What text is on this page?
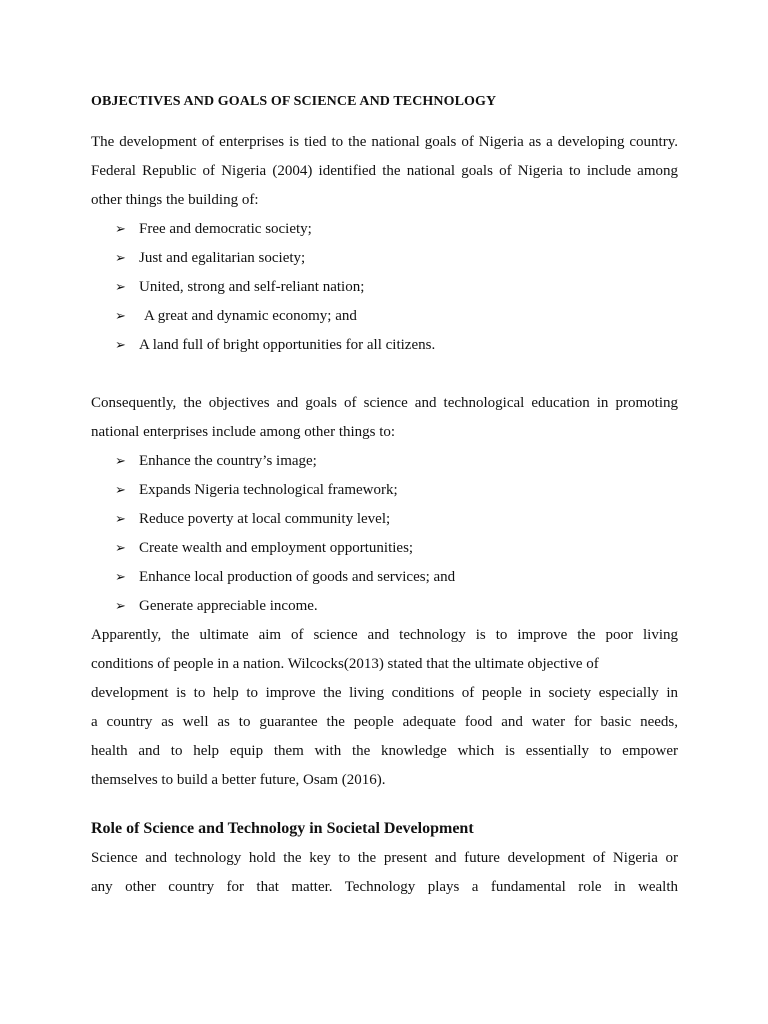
OBJECTIVES AND GOALS OF SCIENCE AND TECHNOLOGY

The development of enterprises is tied to the national goals of Nigeria as a developing country. Federal Republic of Nigeria (2004) identified the national goals of Nigeria to include among other things the building of:

➢ Free and democratic society;
➢ Just and egalitarian society;
➢ United, strong and self-reliant nation;
➢	A great and dynamic economy; and
➢ A land full of bright opportunities for all citizens.

Consequently, the objectives and goals of science and technological education in promoting national enterprises include among other things to:

➢ Enhance the country’s image;
➢ Expands Nigeria technological framework;
➢ Reduce poverty at local community level;
➢ Create wealth and employment opportunities;
➢ Enhance local production of goods and services; and
➢ Generate appreciable income.

Apparently, the ultimate aim of science and technology is to improve the poor living

conditions of people in a nation. Wilcocks(2013) stated that the ultimate objective of

development is to help to improve the living conditions of people in society especially in

a country as well as to guarantee the people adequate food and water for basic needs,

health and to help equip them with the knowledge which is essentially to empower

themselves to build a better future, Osam (2016).

Role of Science and Technology in Societal Development

Science and technology hold the key to the present and future development of Nigeria or

any other country for that matter. Technology plays a fundamental role in wealth
